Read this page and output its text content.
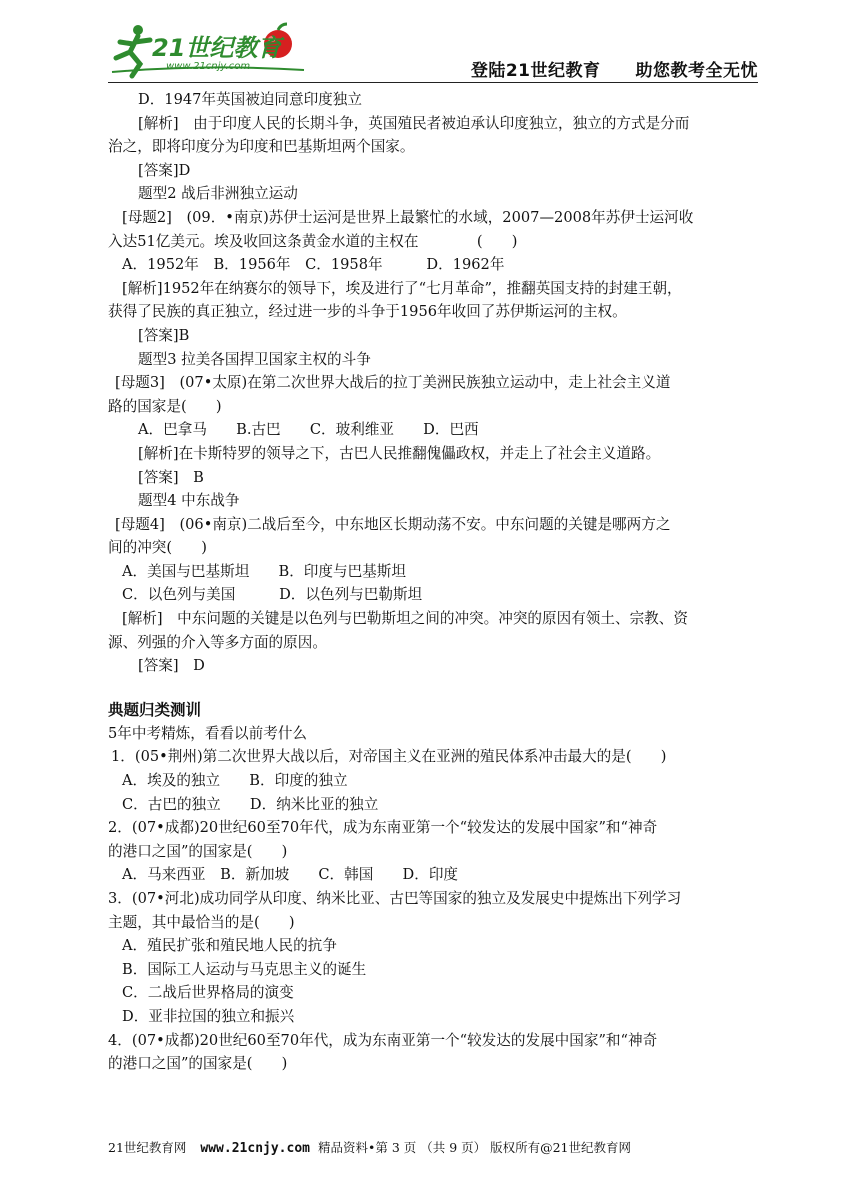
21世纪教育
www.21cnjy.com	登陆21世纪教育　　助您教考全无忧

D．1947年英国被迫同意印度独立

[解析]　由于印度人民的长期斗争，英国殖民者被迫承认印度独立，独立的方式是分而

治之，即将印度分为印度和巴基斯坦两个国家。

[答案]D

题型2 战后非洲独立运动

[母题2]　(09．•南京)苏伊士运河是世界上最繁忙的水域，2007—2008年苏伊士运河收

入达51亿美元。埃及收回这条黄金水道的主权在　　　　(　　)

A．1952年　B．1956年　C．1958年　　　D．1962年

[解析]1952年在纳赛尔的领导下，埃及进行了“七月革命”，推翻英国支持的封建王朝，

获得了民族的真正独立，经过进一步的斗争于1956年收回了苏伊斯运河的主权。

[答案]B

题型3 拉美各国捍卫国家主权的斗争

[母题3]　(07•太原)在第二次世界大战后的拉丁美洲民族独立运动中，走上社会主义道

路的国家是(　　)

A．巴拿马　　B.古巴　　C．玻利维亚　　D．巴西

[解析]在卡斯特罗的领导之下，古巴人民推翻傀儡政权，并走上了社会主义道路。

[答案]　B

题型4 中东战争

[母题4]　(06•南京)二战后至今，中东地区长期动荡不安。中东问题的关键是哪两方之

间的冲突(　　)

A．美国与巴基斯坦　　B．印度与巴基斯坦

C．以色列与美国　　　D．以色列与巴勒斯坦

[解析]　中东问题的关键是以色列与巴勒斯坦之间的冲突。冲突的原因有领土、宗教、资

源、列强的介入等多方面的原因。

[答案]　D

典题归类测训

5年中考精炼，看看以前考什么

1．(05•荆州)第二次世界大战以后，对帝国主义在亚洲的殖民体系冲击最大的是(　　)

A．埃及的独立　　B．印度的独立

C．古巴的独立　　D．纳米比亚的独立

2．(07•成都)20世纪60至70年代，成为东南亚第一个“较发达的发展中国家”和“神奇

的港口之国”的国家是(　　)

A．马来西亚　B．新加坡　　C．韩国　　D．印度

3．(07•河北)成功同学从印度、纳米比亚、古巴等国家的独立及发展史中提炼出下列学习

主题，其中最恰当的是(　　)

A．殖民扩张和殖民地人民的抗争

B．国际工人运动与马克思主义的诞生

C．二战后世界格局的演变

D．亚非拉国的独立和振兴

4．(07•成都)20世纪60至70年代，成为东南亚第一个“较发达的发展中国家”和“神奇

的港口之国”的国家是(　　)

21世纪教育网 www.21cnjy.com 精品资料•第 3 页 （共 9 页） 版权所有@21世纪教育网
